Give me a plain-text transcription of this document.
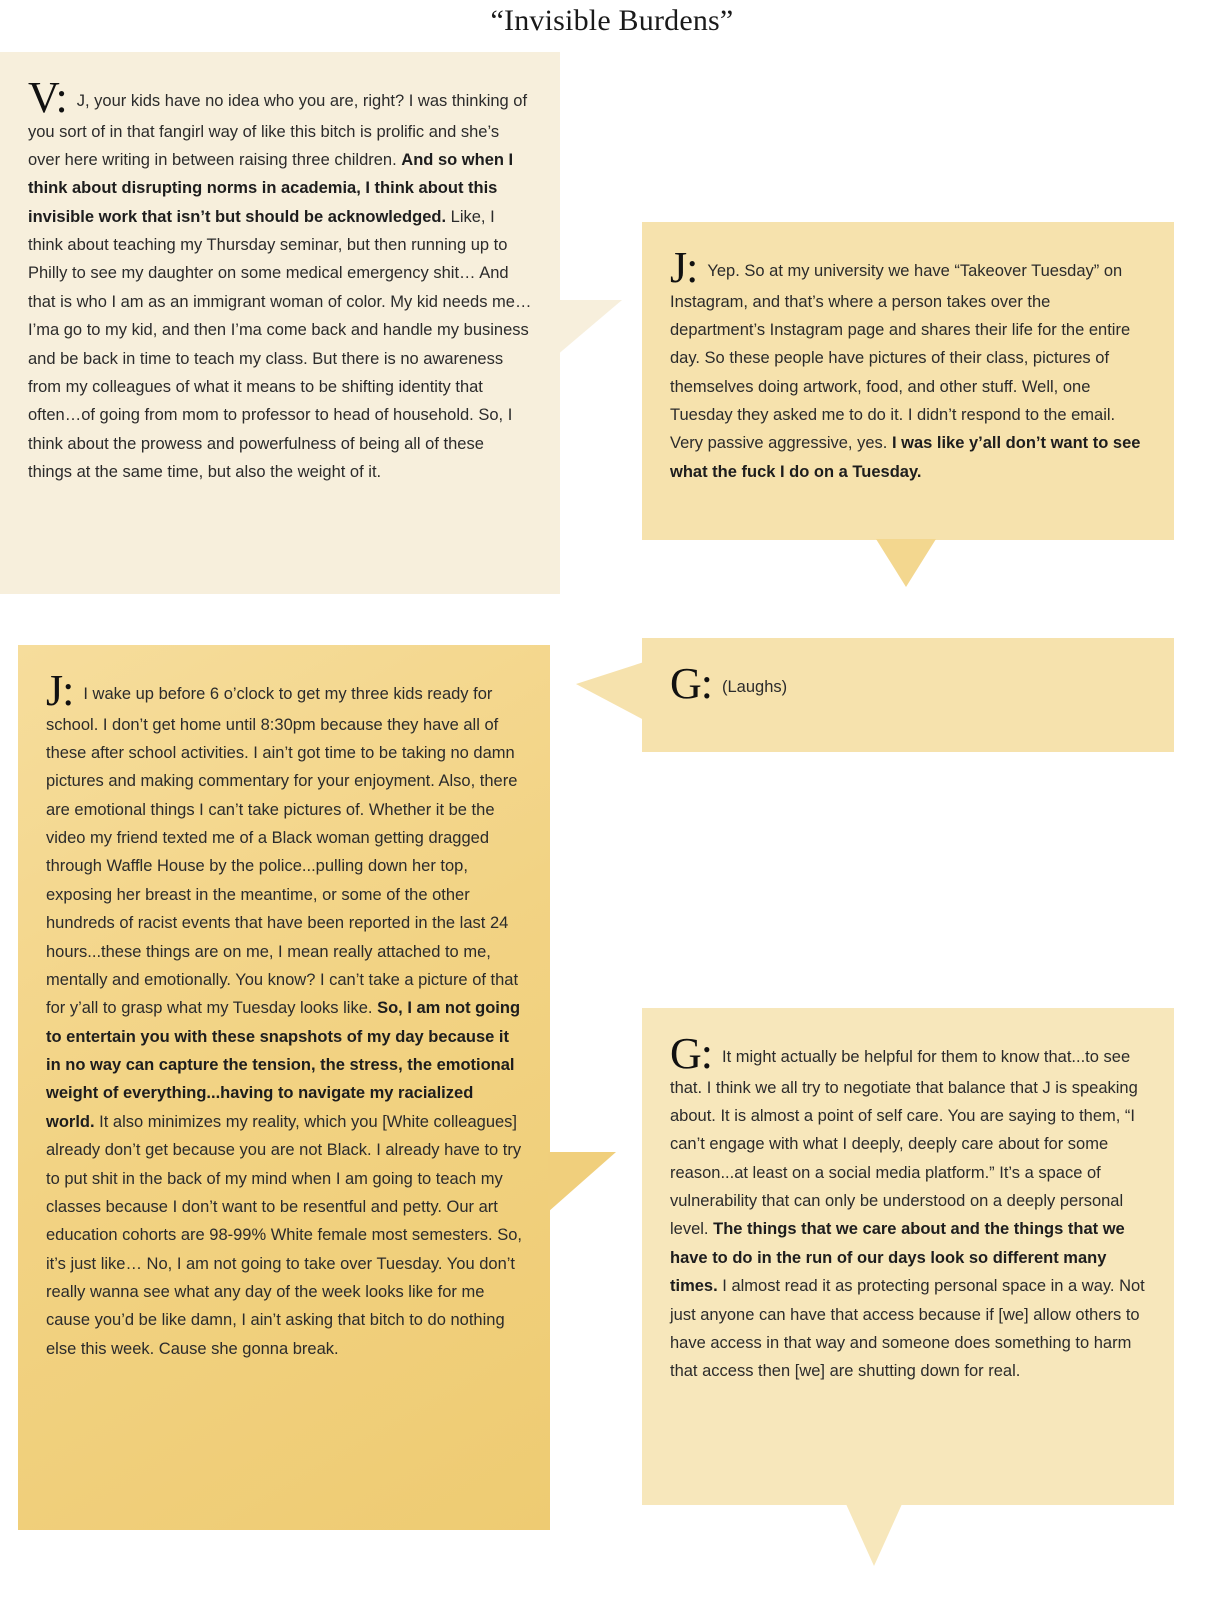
“Invisible Burdens”
V: J, your kids have no idea who you are, right? I was thinking of you sort of in that fangirl way of like this bitch is prolific and she’s over here writing in between raising three children. And so when I think about disrupting norms in academia, I think about this invisible work that isn’t but should be acknowledged. Like, I think about teaching my Thursday seminar, but then running up to Philly to see my daughter on some medical emergency shit… And that is who I am as an immigrant woman of color. My kid needs me… I’ma go to my kid, and then I’ma come back and handle my business and be back in time to teach my class. But there is no awareness from my colleagues of what it means to be shifting identity that often…of going from mom to professor to head of household. So, I think about the prowess and powerfulness of being all of these things at the same time, but also the weight of it.
J: Yep. So at my university we have “Takeover Tuesday” on Instagram, and that’s where a person takes over the department’s Instagram page and shares their life for the entire day. So these people have pictures of their class, pictures of themselves doing artwork, food, and other stuff. Well, one Tuesday they asked me to do it. I didn’t respond to the email. Very passive aggressive, yes. I was like y’all don’t want to see what the fuck I do on a Tuesday.
G: (Laughs)
J: I wake up before 6 o’clock to get my three kids ready for school. I don’t get home until 8:30pm because they have all of these after school activities. I ain’t got time to be taking no damn pictures and making commentary for your enjoyment. Also, there are emotional things I can’t take pictures of. Whether it be the video my friend texted me of a Black woman getting dragged through Waffle House by the police...pulling down her top, exposing her breast in the meantime, or some of the other hundreds of racist events that have been reported in the last 24 hours...these things are on me, I mean really attached to me, mentally and emotionally. You know? I can’t take a picture of that for y’all to grasp what my Tuesday looks like. So, I am not going to entertain you with these snapshots of my day because it in no way can capture the tension, the stress, the emotional weight of everything...having to navigate my racialized world. It also minimizes my reality, which you [White colleagues] already don’t get because you are not Black. I already have to try to put shit in the back of my mind when I am going to teach my classes because I don’t want to be resentful and petty. Our art education cohorts are 98-99% White female most semesters. So, it’s just like… No, I am not going to take over Tuesday. You don’t really wanna see what any day of the week looks like for me cause you’d be like damn, I ain’t asking that bitch to do nothing else this week. Cause she gonna break.
G: It might actually be helpful for them to know that...to see that. I think we all try to negotiate that balance that J is speaking about. It is almost a point of self care. You are saying to them, “I can’t engage with what I deeply, deeply care about for some reason...at least on a social media platform.” It’s a space of vulnerability that can only be understood on a deeply personal level. The things that we care about and the things that we have to do in the run of our days look so different many times. I almost read it as protecting personal space in a way. Not just anyone can have that access because if [we] allow others to have access in that way and someone does something to harm that access then [we] are shutting down for real.
